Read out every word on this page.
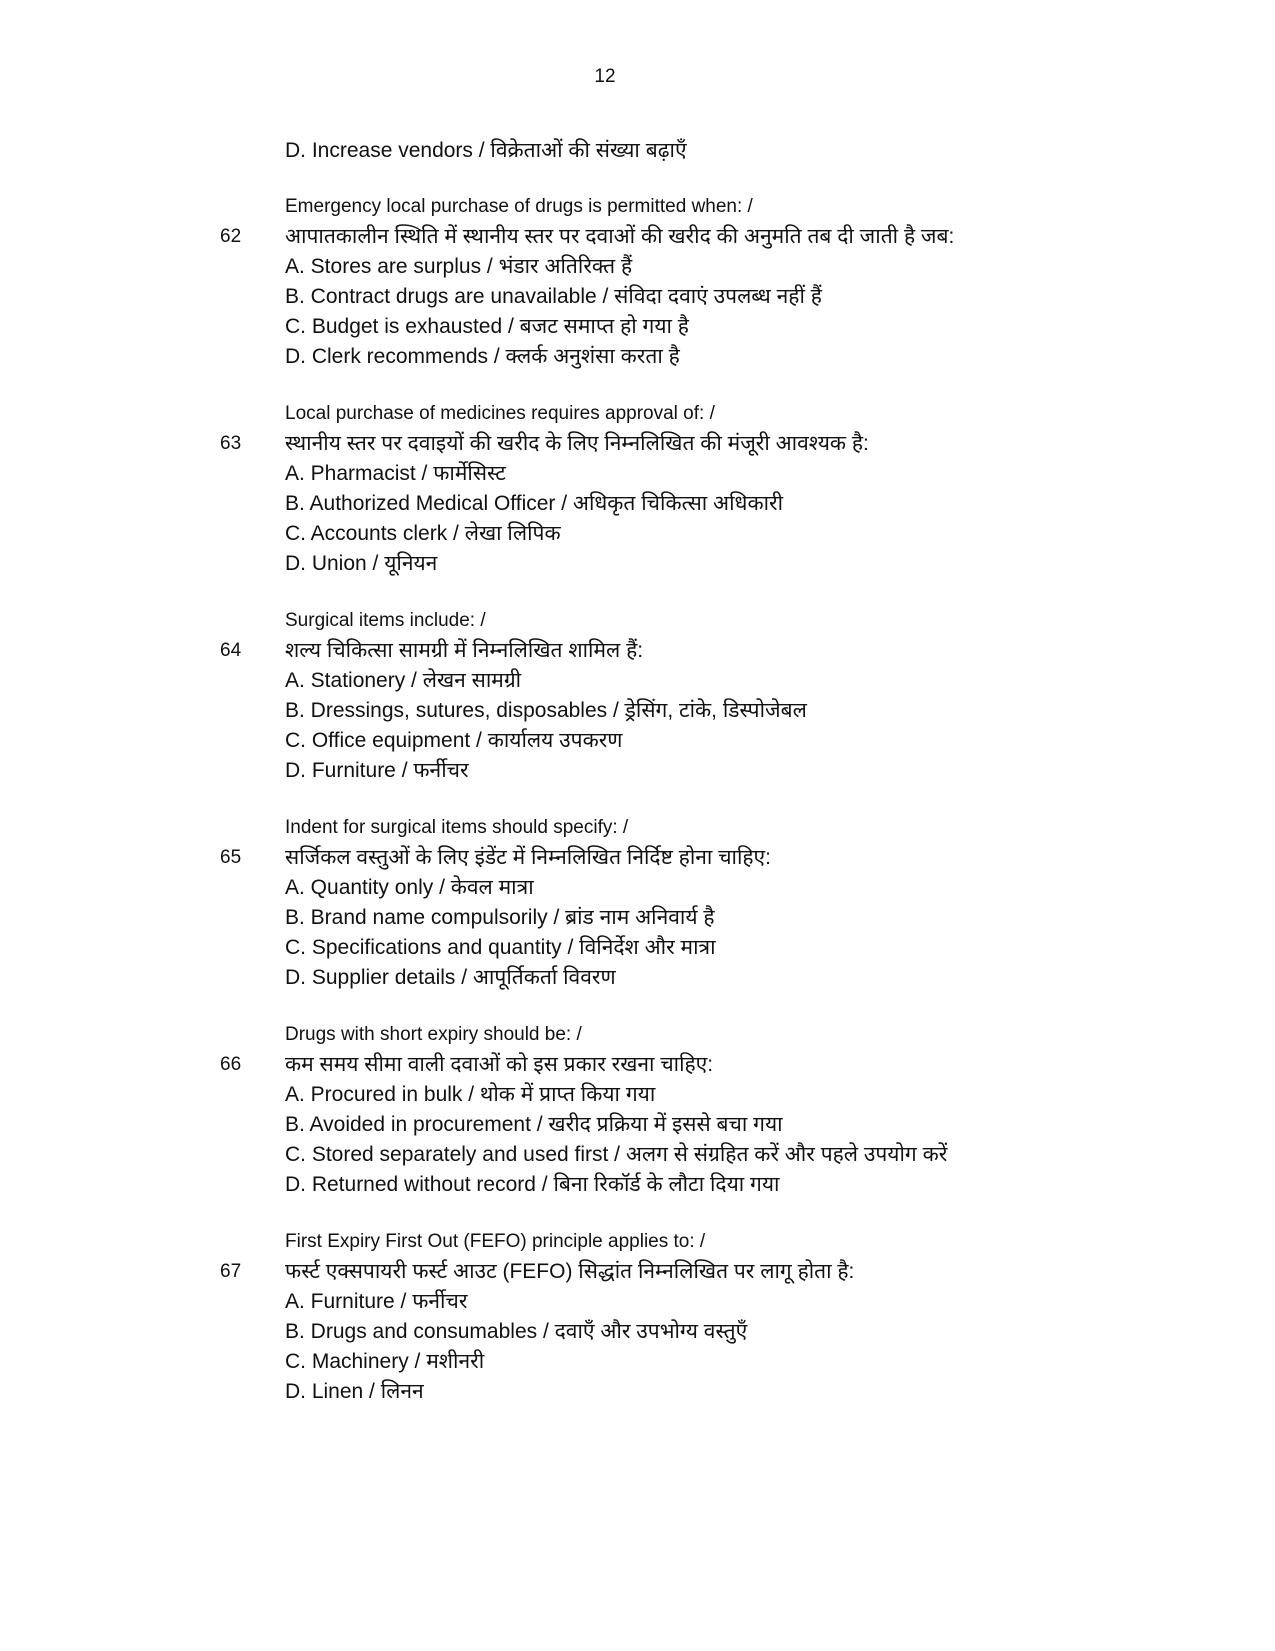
12
D. Increase vendors / विक्रेताओं की संख्या बढ़ाएँ
62
Emergency local purchase of drugs is permitted when: /
आपातकालीन स्थिति में स्थानीय स्तर पर दवाओं की खरीद की अनुमति तब दी जाती है जब:
A. Stores are surplus / भंडार अतिरिक्त हैं
B. Contract drugs are unavailable / संविदा दवाएं उपलब्ध नहीं हैं
C. Budget is exhausted / बजट समाप्त हो गया है
D. Clerk recommends / क्लर्क अनुशंसा करता है
63
Local purchase of medicines requires approval of: /
स्थानीय स्तर पर दवाइयों की खरीद के लिए निम्नलिखित की मंजूरी आवश्यक है:
A. Pharmacist / फार्मेसिस्ट
B. Authorized Medical Officer / अधिकृत चिकित्सा अधिकारी
C. Accounts clerk / लेखा लिपिक
D. Union / यूनियन
64
Surgical items include: /
शल्य चिकित्सा सामग्री में निम्नलिखित शामिल हैं:
A. Stationery / लेखन सामग्री
B. Dressings, sutures, disposables / ड्रेसिंग, टांके, डिस्पोजेबल
C. Office equipment / कार्यालय उपकरण
D. Furniture / फर्नीचर
65
Indent for surgical items should specify: /
सर्जिकल वस्तुओं के लिए इंडेंट में निम्नलिखित निर्दिष्ट होना चाहिए:
A. Quantity only / केवल मात्रा
B. Brand name compulsorily / ब्रांड नाम अनिवार्य है
C. Specifications and quantity / विनिर्देश और मात्रा
D. Supplier details / आपूर्तिकर्ता विवरण
66
Drugs with short expiry should be: /
कम समय सीमा वाली दवाओं को इस प्रकार रखना चाहिए:
A. Procured in bulk / थोक में प्राप्त किया गया
B. Avoided in procurement / खरीद प्रक्रिया में इससे बचा गया
C. Stored separately and used first / अलग से संग्रहित करें और पहले उपयोग करें
D. Returned without record / बिना रिकॉर्ड के लौटा दिया गया
67
First Expiry First Out (FEFO) principle applies to: /
फर्स्ट एक्सपायरी फर्स्ट आउट (FEFO) सिद्धांत निम्नलिखित पर लागू होता है:
A. Furniture / फर्नीचर
B. Drugs and consumables / दवाएँ और उपभोग्य वस्तुएँ
C. Machinery / मशीनरी
D. Linen / लिनन
